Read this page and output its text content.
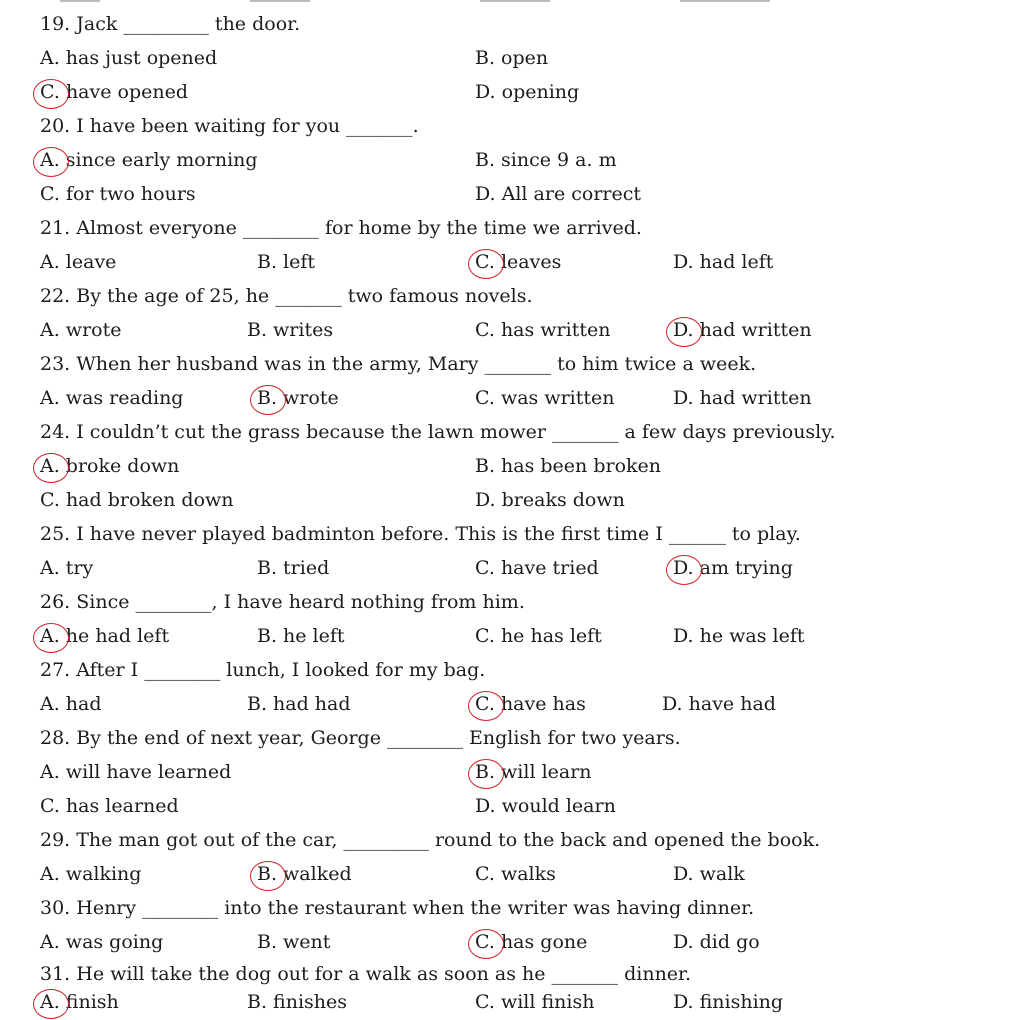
19. Jack _________ the door.
A. has just opened	B. open
C. have opened	D. opening
20. I have been waiting for you _______.
A. since early morning	B. since 9 a. m
C. for two hours	D. All are correct
21. Almost everyone ________ for home by the time we arrived.
A. leave	B. left	C. leaves	D. had left
22. By the age of 25, he _______ two famous novels.
A. wrote	B. writes	C. has written	D. had written
23. When her husband was in the army, Mary _______ to him twice a week.
A. was reading	B. wrote	C. was written	D. had written
24. I couldn’t cut the grass because the lawn mower _______ a few days previously.
A. broke down	B. has been broken
C. had broken down	D. breaks down
25. I have never played badminton before. This is the first time I ______ to play.
A. try	B. tried	C. have tried	D. am trying
26. Since ________, I have heard nothing from him.
A. he had left	B. he left	C. he has left	D. he was left
27. After I ________ lunch, I looked for my bag.
A. had	B. had had	C. have has	D. have had
28. By the end of next year, George ________ English for two years.
A. will have learned	B. will learn
C. has learned	D. would learn
29. The man got out of the car, _________ round to the back and opened the book.
A. walking	B. walked	C. walks	D. walk
30. Henry ________ into the restaurant when the writer was having dinner.
A. was going	B. went	C. has gone	D. did go
31. He will take the dog out for a walk as soon as he _______ dinner.
A. finish	B. finishes	C. will finish	D. finishing
